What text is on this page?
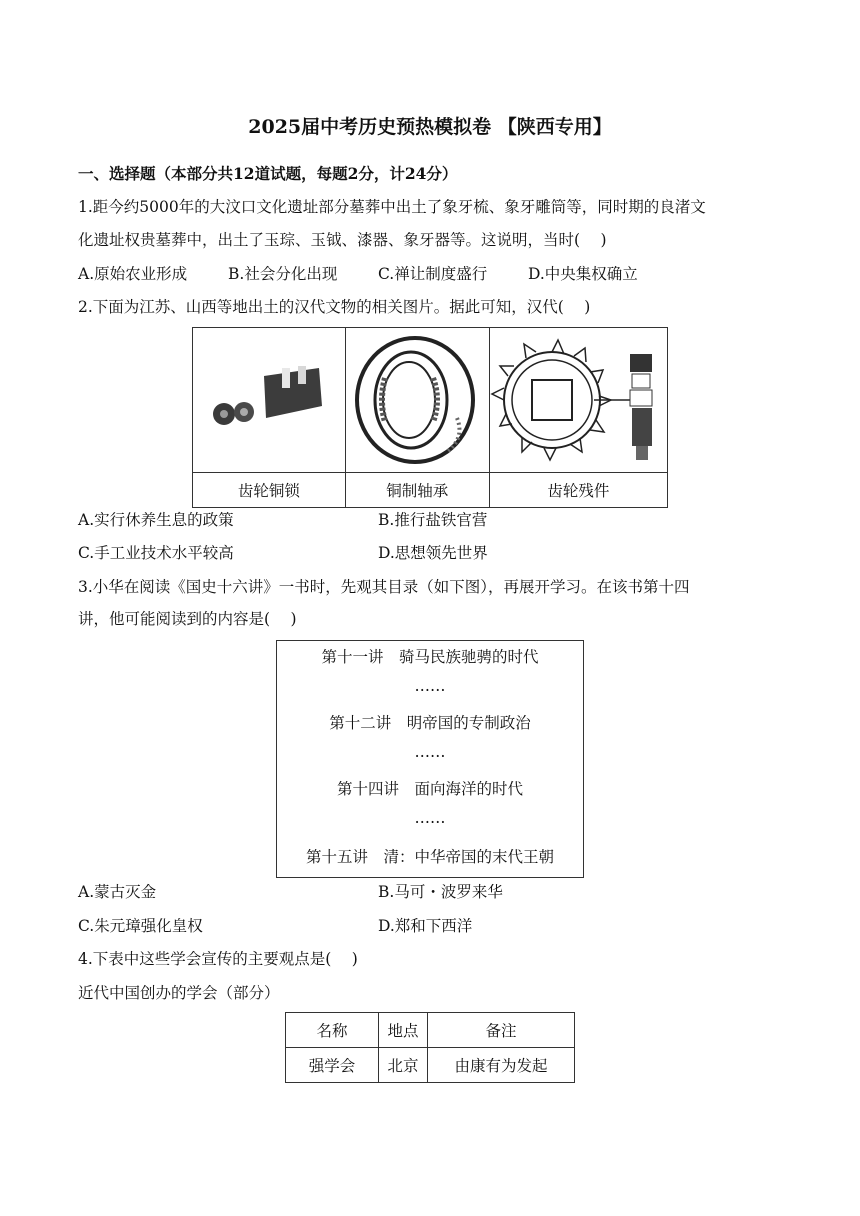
2025届中考历史预热模拟卷 【陕西专用】
一、选择题（本部分共12道试题，每题2分，计24分）
1.距今约5000年的大汶口文化遗址部分墓葬中出土了象牙梳、象牙雕筒等，同时期的良渚文
化遗址权贵墓葬中，出土了玉琮、玉钺、漆器、象牙器等。这说明，当时(　 )
A.原始农业形成	B.社会分化出现	C.禅让制度盛行	D.中央集权确立
2.下面为江苏、山西等地出土的汉代文物的相关图片。据此可知，汉代(　 )

齿轮铜锁	铜制轴承	齿轮残件
A.实行休养生息的政策	B.推行盐铁官营
C.手工业技术水平较高	D.思想领先世界
3.小华在阅读《国史十六讲》一书时，先观其目录（如下图），再展开学习。在该书第十四
讲，他可能阅读到的内容是(　 )
第十一讲　骑马民族驰骋的时代
……
第十二讲　明帝国的专制政治
……
第十四讲　面向海洋的时代
……
第十五讲　清：中华帝国的末代王朝
A.蒙古灭金	B.马可・波罗来华
C.朱元璋强化皇权	D.郑和下西洋
4.下表中这些学会宣传的主要观点是(　 )
近代中国创办的学会（部分）
名称	地点	备注
强学会	北京	由康有为发起
